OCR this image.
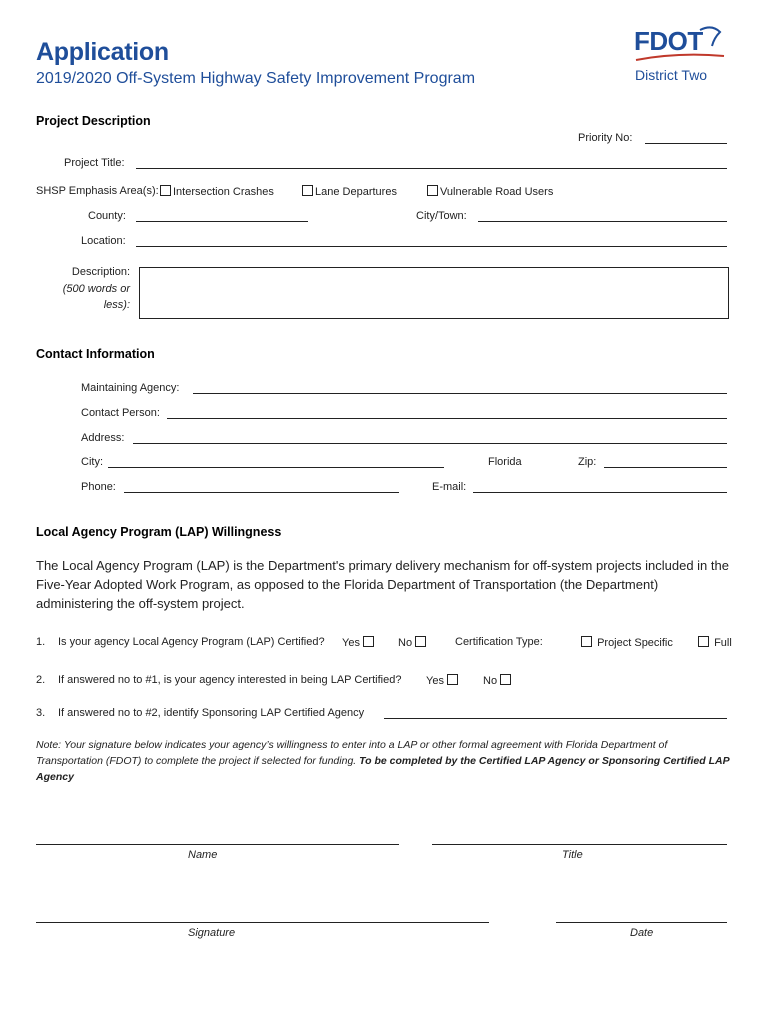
Application
2019/2020 Off-System Highway Safety Improvement Program
FDOT
District Two
Project Description
Priority No:
Project Title:
SHSP Emphasis Area(s):	Intersection Crashes	Lane Departures	Vulnerable Road Users
County:	City/Town:
Location:
Description:
(500 words or
less):
Contact Information
Maintaining Agency:
Contact Person:
Address:
City:	Florida	Zip:
Phone:	E-mail:
Local Agency Program (LAP) Willingness
The Local Agency Program (LAP) is the Department's primary delivery mechanism for off-system projects included in the Five-Year Adopted Work Program, as opposed to the Florida Department of Transportation (the Department) administering the off-system project.
1. Is your agency Local Agency Program (LAP) Certified? Yes	No	Certification Type:	Project Specific	Full
2. If answered no to #1, is your agency interested in being LAP Certified? Yes	No
3. If answered no to #2, identify Sponsoring LAP Certified Agency
Note: Your signature below indicates your agency’s willingness to enter into a LAP or other formal agreement with Florida Department of Transportation (FDOT) to complete the project if selected for funding. To be completed by the Certified LAP Agency or Sponsoring Certified LAP Agency
Name	Title
Signature	Date
